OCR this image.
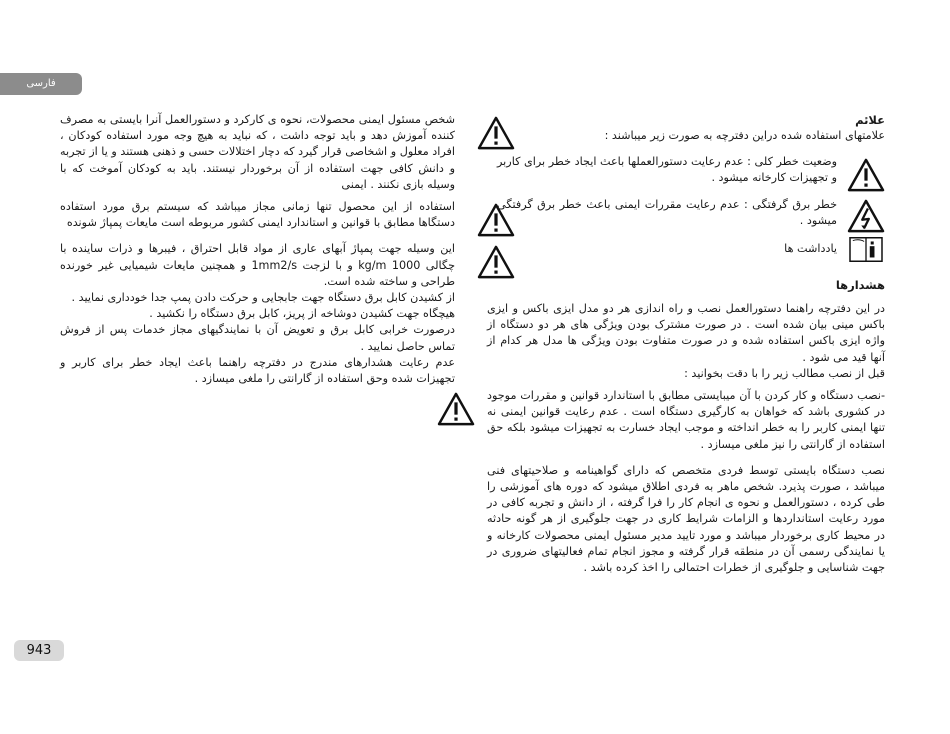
فارسی
943

شخص مسئول ایمنی محصولات، نحوه ی کارکرد و دستورالعمل آنرا بایستی به مصرف کننده آموزش دهد و باید توجه داشت ، که نباید به هیچ وجه مورد استفاده کودکان ، افراد معلول و اشخاصی قرار گیرد که دچار اختلالات حسی و ذهنی هستند و یا از تجربه و دانش کافی جهت استفاده از آن برخوردار نیستند. باید به کودکان آموخت که با وسیله بازی نکنند . ایمنی

استفاده از این محصول تنها زمانی مجاز میباشد که سیستم برق مورد استفاده دستگاها مطابق با قوانین و استاندارد ایمنی کشور مربوطه است مایعات پمپاژ شونده

این وسیله جهت پمپاژ آبهای عاری از مواد قابل احتراق ، فیبرها و ذرات ساینده با چگالی kg/m 1000 و با لزجت 1mm2/s و همچنین مایعات شیمیایی غیر خورنده طراحی و ساخته شده است.

از کشیدن کابل برق دستگاه جهت جابجایی و حرکت دادن پمپ جدا خودداری نمایید .

هیچگاه جهت کشیدن دوشاخه از پریز، کابل برق دستگاه را نکشید .

درصورت خرابی کابل برق و تعویض آن با نمایندگیهای مجاز خدمات پس از فروش تماس حاصل نمایید .

عدم رعایت هشدارهای مندرج در دفترچه راهنما باعث ایجاد خطر برای کاربر و تجهیزات شده وحق استفاده از گارانتی را ملغی میسازد .

علائم

علامتهای استفاده شده دراین دفترچه به صورت زیر میباشند :

وضعیت خطر کلی : عدم رعایت دستورالعملها باعث ایجاد خطر برای کاربر و تجهیزات کارخانه میشود .

خطر برق گرفتگی : عدم رعایت مقررات ایمنی باعث خطر برق گرفتگی میشود .

یادداشت ها

هشدارها

در این دفترچه راهنما دستورالعمل نصب و راه اندازی هر دو مدل ایزی باکس و ایزی باکس مینی بیان شده است . در صورت مشترک بودن ویژگی های هر دو دستگاه از واژه ایزی باکس استفاده شده و در صورت متفاوت بودن ویژگی ها مدل هر کدام از آنها قید می شود .

قبل از نصب مطالب زیر را با دقت بخوانید :

-نصب دستگاه و کار کردن با آن میبایستی مطابق با استاندارد قوانین و مقررات موجود در کشوری باشد که خواهان به کارگیری دستگاه است . عدم رعایت قوانین ایمنی نه تنها ایمنی کاربر را به خطر انداخته و موجب ایجاد خسارت به تجهیزات میشود بلکه حق استفاده از گارانتی را نیز ملغی میسازد .

نصب دستگاه بایستی توسط فردی متخصص که دارای گواهینامه و صلاحیتهای فنی میباشد ، صورت پذیرد. شخص ماهر به فردی اطلاق میشود که دوره های آموزشی را طی کرده ، دستورالعمل و نحوه ی انجام کار را فرا گرفته ، از دانش و تجربه کافی در مورد رعایت استانداردها و الزامات شرایط کاری در جهت جلوگیری از هر گونه حادثه در محیط کاری برخوردار میباشد و مورد تایید مدیر مسئول ایمنی محصولات کارخانه و یا نمایندگی رسمی آن در منطقه قرار گرفته و مجوز انجام تمام فعالیتهای ضروری در جهت شناسایی و جلوگیری از خطرات احتمالی را اخذ کرده باشد .
